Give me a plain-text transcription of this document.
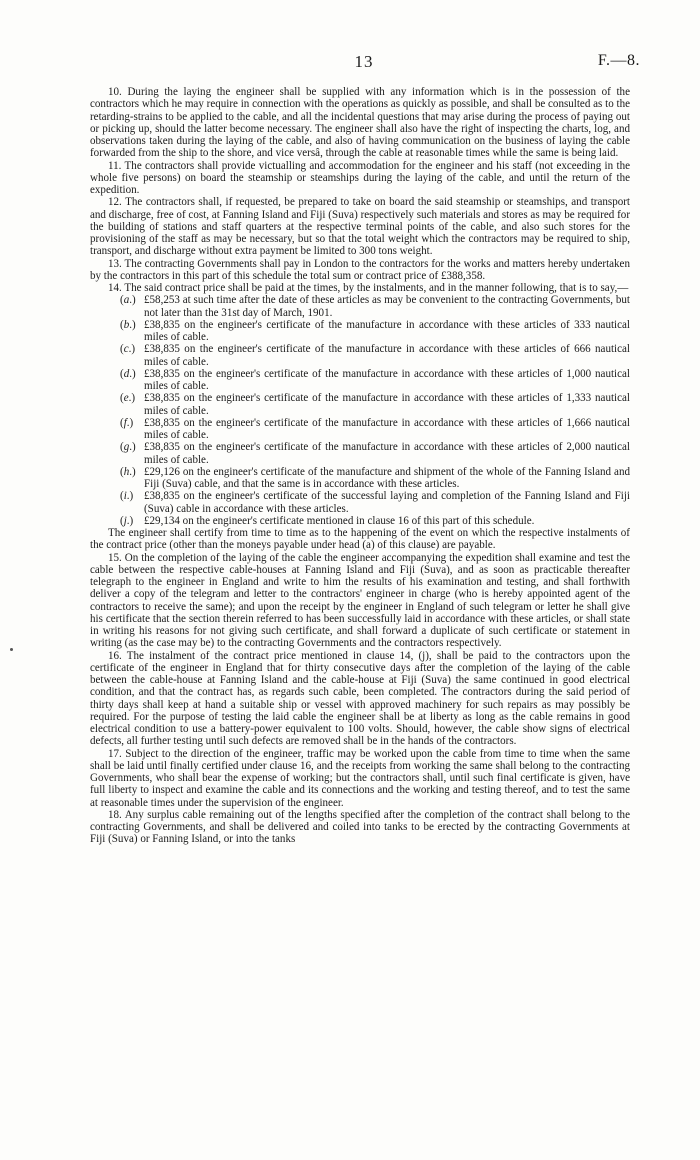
13	F.—8.

10. During the laying the engineer shall be supplied with any information which is in the possession of the contractors which he may require in connection with the operations as quickly as possible, and shall be consulted as to the retarding-strains to be applied to the cable, and all the incidental questions that may arise during the process of paying out or picking up, should the latter become necessary. The engineer shall also have the right of inspecting the charts, log, and observations taken during the laying of the cable, and also of having communication on the business of laying the cable forwarded from the ship to the shore, and vice versâ, through the cable at reasonable times while the same is being laid.

11. The contractors shall provide victualling and accommodation for the engineer and his staff (not exceeding in the whole five persons) on board the steamship or steamships during the laying of the cable, and until the return of the expedition.

12. The contractors shall, if requested, be prepared to take on board the said steamship or steamships, and transport and discharge, free of cost, at Fanning Island and Fiji (Suva) respectively such materials and stores as may be required for the building of stations and staff quarters at the respective terminal points of the cable, and also such stores for the provisioning of the staff as may be necessary, but so that the total weight which the contractors may be required to ship, transport, and discharge without extra payment be limited to 300 tons weight.

13. The contracting Governments shall pay in London to the contractors for the works and matters hereby undertaken by the contractors in this part of this schedule the total sum or contract price of £388,358.

14. The said contract price shall be paid at the times, by the instalments, and in the manner following, that is to say,—

( a .)	£58,253 at such time after the date of these articles as may be convenient to the contracting Governments, but not later than the 31st day of March, 1901.
( b .)	£38,835 on the engineer's certificate of the manufacture in accordance with these articles of 333 nautical miles of cable.
( c .)	£38,835 on the engineer's certificate of the manufacture in accordance with these articles of 666 nautical miles of cable.
( d .)	£38,835 on the engineer's certificate of the manufacture in accordance with these articles of 1,000 nautical miles of cable.
( e .)	£38,835 on the engineer's certificate of the manufacture in accordance with these articles of 1,333 nautical miles of cable.
( f .)	£38,835 on the engineer's certificate of the manufacture in accordance with these articles of 1,666 nautical miles of cable.
( g .)	£38,835 on the engineer's certificate of the manufacture in accordance with these articles of 2,000 nautical miles of cable.
( h .)	£29,126 on the engineer's certificate of the manufacture and shipment of the whole of the Fanning Island and Fiji (Suva) cable, and that the same is in accordance with these articles.
( i .)	£38,835 on the engineer's certificate of the successful laying and completion of the Fanning Island and Fiji (Suva) cable in accordance with these articles.
( j .)	£29,134 on the engineer's certificate mentioned in clause 16 of this part of this schedule.

The engineer shall certify from time to time as to the happening of the event on which the respective instalments of the contract price (other than the moneys payable under head (a) of this clause) are payable.

15. On the completion of the laying of the cable the engineer accompanying the expedition shall examine and test the cable between the respective cable-houses at Fanning Island and Fiji (Suva), and as soon as practicable thereafter telegraph to the engineer in England and write to him the results of his examination and testing, and shall forthwith deliver a copy of the telegram and letter to the contractors' engineer in charge (who is hereby appointed agent of the contractors to receive the same); and upon the receipt by the engineer in England of such telegram or letter he shall give his certificate that the section therein referred to has been successfully laid in accordance with these articles, or shall state in writing his reasons for not giving such certificate, and shall forward a duplicate of such certificate or statement in writing (as the case may be) to the contracting Governments and the contractors respectively.

16. The instalment of the contract price mentioned in clause 14, (j), shall be paid to the contractors upon the certificate of the engineer in England that for thirty consecutive days after the completion of the laying of the cable between the cable-house at Fanning Island and the cable-house at Fiji (Suva) the same continued in good electrical condition, and that the contract has, as regards such cable, been completed. The contractors during the said period of thirty days shall keep at hand a suitable ship or vessel with approved machinery for such repairs as may possibly be required. For the purpose of testing the laid cable the engineer shall be at liberty as long as the cable remains in good electrical condition to use a battery-power equivalent to 100 volts. Should, however, the cable show signs of electrical defects, all further testing until such defects are removed shall be in the hands of the contractors.

17. Subject to the direction of the engineer, traffic may be worked upon the cable from time to time when the same shall be laid until finally certified under clause 16, and the receipts from working the same shall belong to the contracting Governments, who shall bear the expense of working; but the contractors shall, until such final certificate is given, have full liberty to inspect and examine the cable and its connections and the working and testing thereof, and to test the same at reasonable times under the supervision of the engineer.

18. Any surplus cable remaining out of the lengths specified after the completion of the contract shall belong to the contracting Governments, and shall be delivered and coiled into tanks to be erected by the contracting Governments at Fiji (Suva) or Fanning Island, or into the tanks
